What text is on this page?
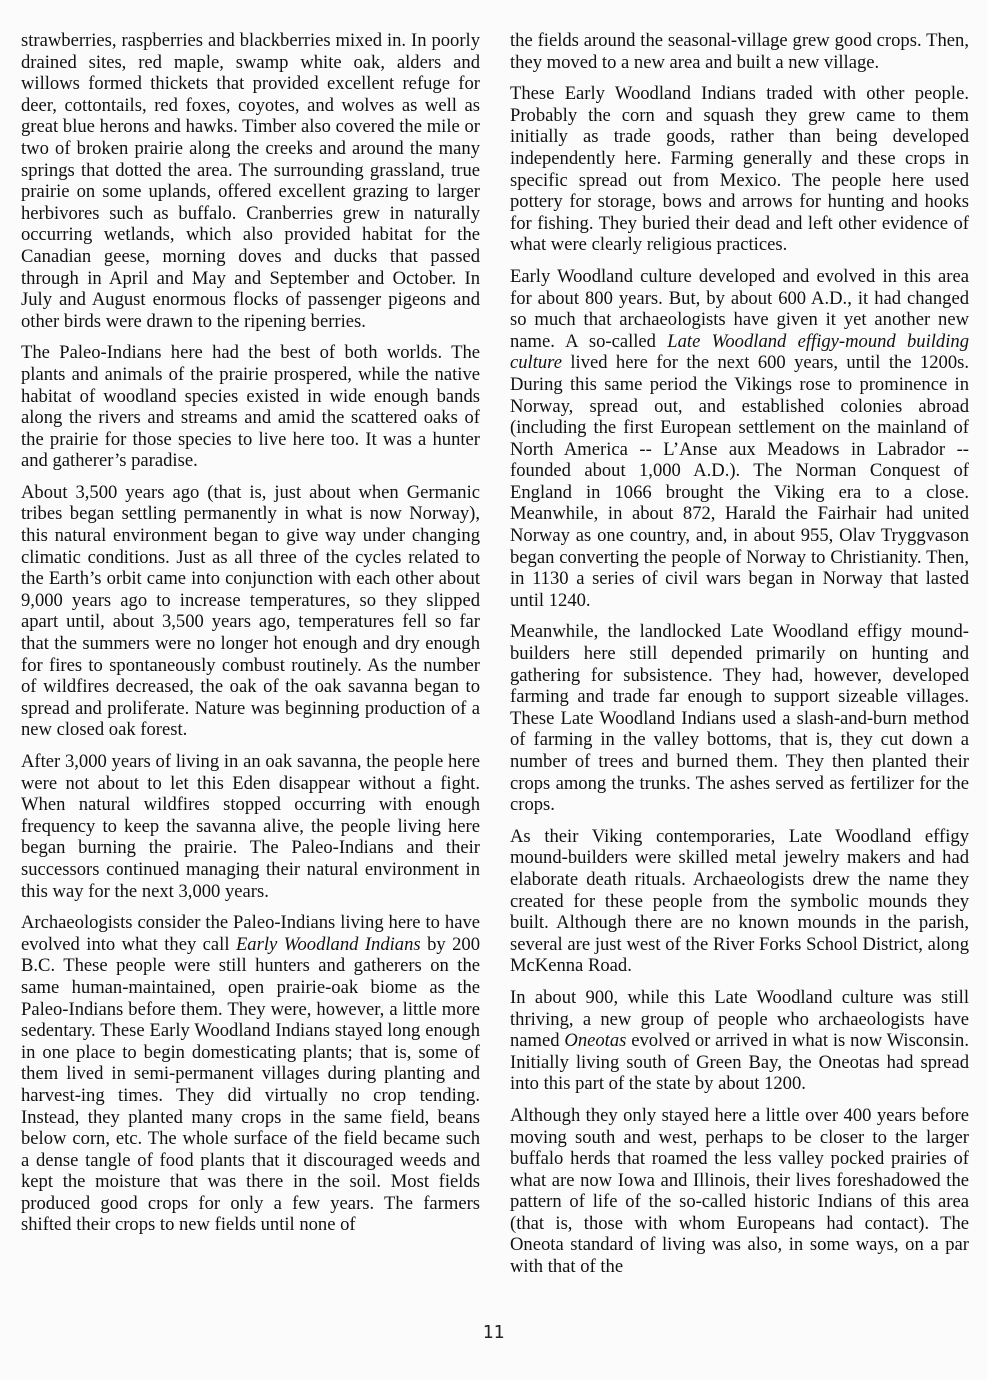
strawberries, raspberries and blackberries mixed in. In poorly drained sites, red maple, swamp white oak, alders and willows formed thickets that provided excellent refuge for deer, cottontails, red foxes, coyotes, and wolves as well as great blue herons and hawks. Timber also covered the mile or two of broken prairie along the creeks and around the many springs that dotted the area. The surrounding grassland, true prairie on some uplands, offered excellent grazing to larger herbivores such as buffalo. Cranberries grew in naturally occurring wetlands, which also provided habitat for the Canadian geese, morning doves and ducks that passed through in April and May and September and October. In July and August enormous flocks of passenger pigeons and other birds were drawn to the ripening berries.

The Paleo-Indians here had the best of both worlds. The plants and animals of the prairie prospered, while the native habitat of woodland species existed in wide enough bands along the rivers and streams and amid the scattered oaks of the prairie for those species to live here too. It was a hunter and gatherer’s paradise.

About 3,500 years ago (that is, just about when Germanic tribes began settling permanently in what is now Norway), this natural environment began to give way under changing climatic conditions. Just as all three of the cycles related to the Earth’s orbit came into conjunction with each other about 9,000 years ago to increase temperatures, so they slipped apart until, about 3,500 years ago, temperatures fell so far that the summers were no longer hot enough and dry enough for fires to spontaneously combust routinely. As the number of wildfires decreased, the oak of the oak savanna began to spread and proliferate. Nature was beginning production of a new closed oak forest.

After 3,000 years of living in an oak savanna, the people here were not about to let this Eden disappear without a fight. When natural wildfires stopped occurring with enough frequency to keep the savanna alive, the people living here began burning the prairie. The Paleo-Indians and their successors continued managing their natural environment in this way for the next 3,000 years.

Archaeologists consider the Paleo-Indians living here to have evolved into what they call Early Woodland Indians by 200 B.C. These people were still hunters and gatherers on the same human-maintained, open prairie-oak biome as the Paleo-Indians before them. They were, however, a little more sedentary. These Early Woodland Indians stayed long enough in one place to begin domesticating plants; that is, some of them lived in semi-permanent villages during planting and harvest-ing times. They did virtually no crop tending. Instead, they planted many crops in the same field, beans below corn, etc. The whole surface of the field became such a dense tangle of food plants that it discouraged weeds and kept the moisture that was there in the soil. Most fields produced good crops for only a few years. The farmers shifted their crops to new fields until none of

the fields around the seasonal-village grew good crops. Then, they moved to a new area and built a new village.

These Early Woodland Indians traded with other people. Probably the corn and squash they grew came to them initially as trade goods, rather than being developed independently here. Farming generally and these crops in specific spread out from Mexico. The people here used pottery for storage, bows and arrows for hunting and hooks for fishing. They buried their dead and left other evidence of what were clearly religious practices.

Early Woodland culture developed and evolved in this area for about 800 years. But, by about 600 A.D., it had changed so much that archaeologists have given it yet another new name. A so-called Late Woodland effigy-mound building culture lived here for the next 600 years, until the 1200s. During this same period the Vikings rose to prominence in Norway, spread out, and established colonies abroad (including the first European settlement on the mainland of North America -- L’Anse aux Meadows in Labrador -- founded about 1,000 A.D.). The Norman Conquest of England in 1066 brought the Viking era to a close. Meanwhile, in about 872, Harald the Fairhair had united Norway as one country, and, in about 955, Olav Tryggvason began converting the people of Norway to Christianity. Then, in 1130 a series of civil wars began in Norway that lasted until 1240.

Meanwhile, the landlocked Late Woodland effigy mound-builders here still depended primarily on hunting and gathering for subsistence. They had, however, developed farming and trade far enough to support sizeable villages. These Late Woodland Indians used a slash-and-burn method of farming in the valley bottoms, that is, they cut down a number of trees and burned them. They then planted their crops among the trunks. The ashes served as fertilizer for the crops.

As their Viking contemporaries, Late Woodland effigy mound-builders were skilled metal jewelry makers and had elaborate death rituals. Archaeologists drew the name they created for these people from the symbolic mounds they built. Although there are no known mounds in the parish, several are just west of the River Forks School District, along McKenna Road.

In about 900, while this Late Woodland culture was still thriving, a new group of people who archaeologists have named Oneotas evolved or arrived in what is now Wisconsin. Initially living south of Green Bay, the Oneotas had spread into this part of the state by about 1200.

Although they only stayed here a little over 400 years before moving south and west, perhaps to be closer to the larger buffalo herds that roamed the less valley pocked prairies of what are now Iowa and Illinois, their lives foreshadowed the pattern of life of the so-called historic Indians of this area (that is, those with whom Europeans had contact). The Oneota standard of living was also, in some ways, on a par with that of the

11
